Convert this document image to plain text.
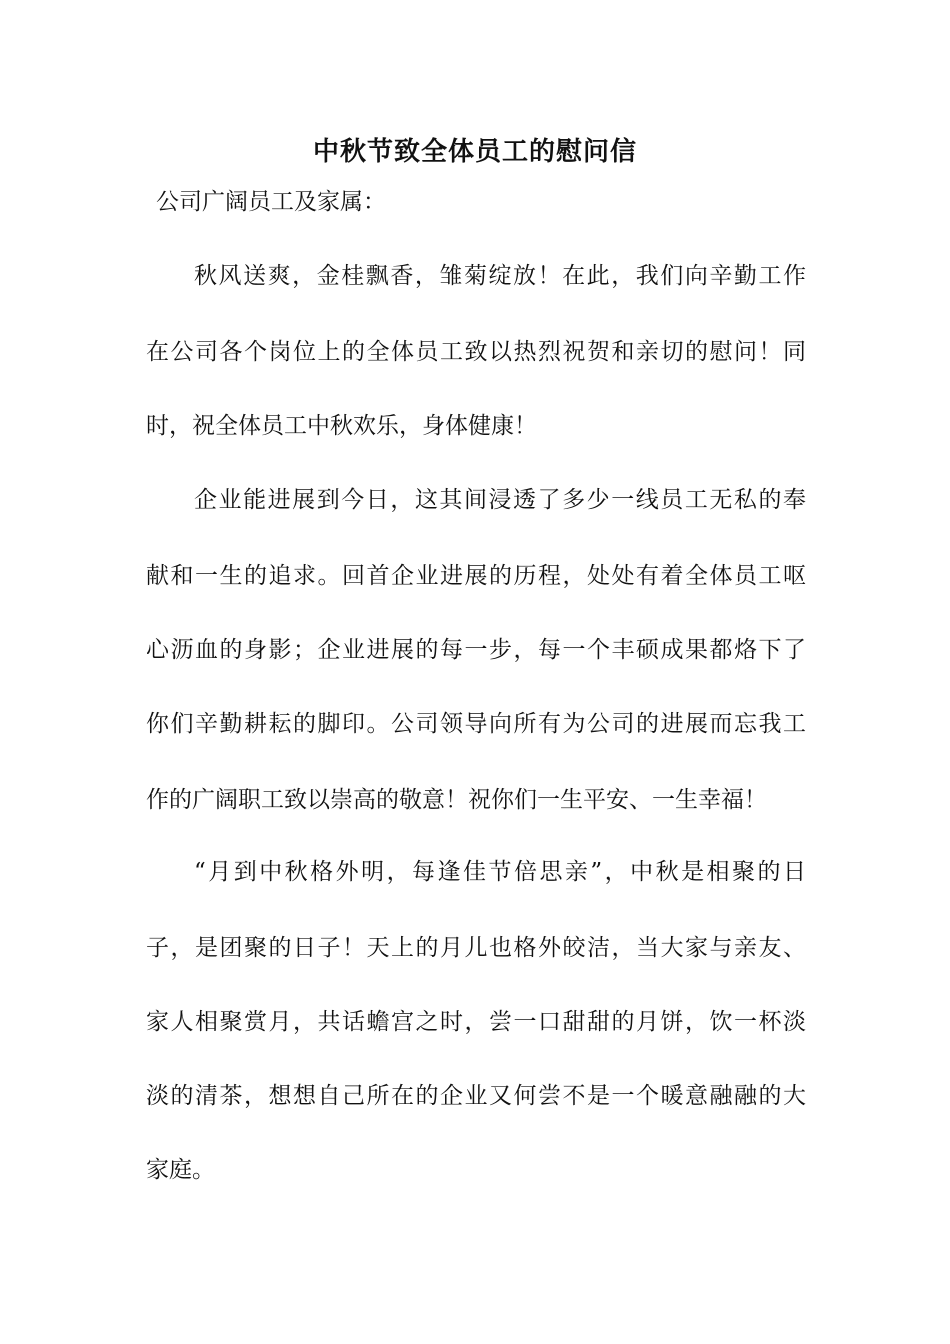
中秋节致全体员工的慰问信

公司广阔员工及家属：

秋风送爽，金桂飘香，雏菊绽放！在此，我们向辛勤工作

在公司各个岗位上的全体员工致以热烈祝贺和亲切的慰问！同

时，祝全体员工中秋欢乐，身体健康！

企业能进展到今日，这其间浸透了多少一线员工无私的奉

献和一生的追求。回首企业进展的历程，处处有着全体员工呕

心沥血的身影；企业进展的每一步，每一个丰硕成果都烙下了

你们辛勤耕耘的脚印。公司领导向所有为公司的进展而忘我工

作的广阔职工致以崇高的敬意！祝你们一生平安、一生幸福！

“月到中秋格外明，每逢佳节倍思亲”，中秋是相聚的日

子，是团聚的日子！天上的月儿也格外皎洁，当大家与亲友、

家人相聚赏月，共话蟾宫之时，尝一口甜甜的月饼，饮一杯淡

淡的清茶，想想自己所在的企业又何尝不是一个暖意融融的大

家庭。
